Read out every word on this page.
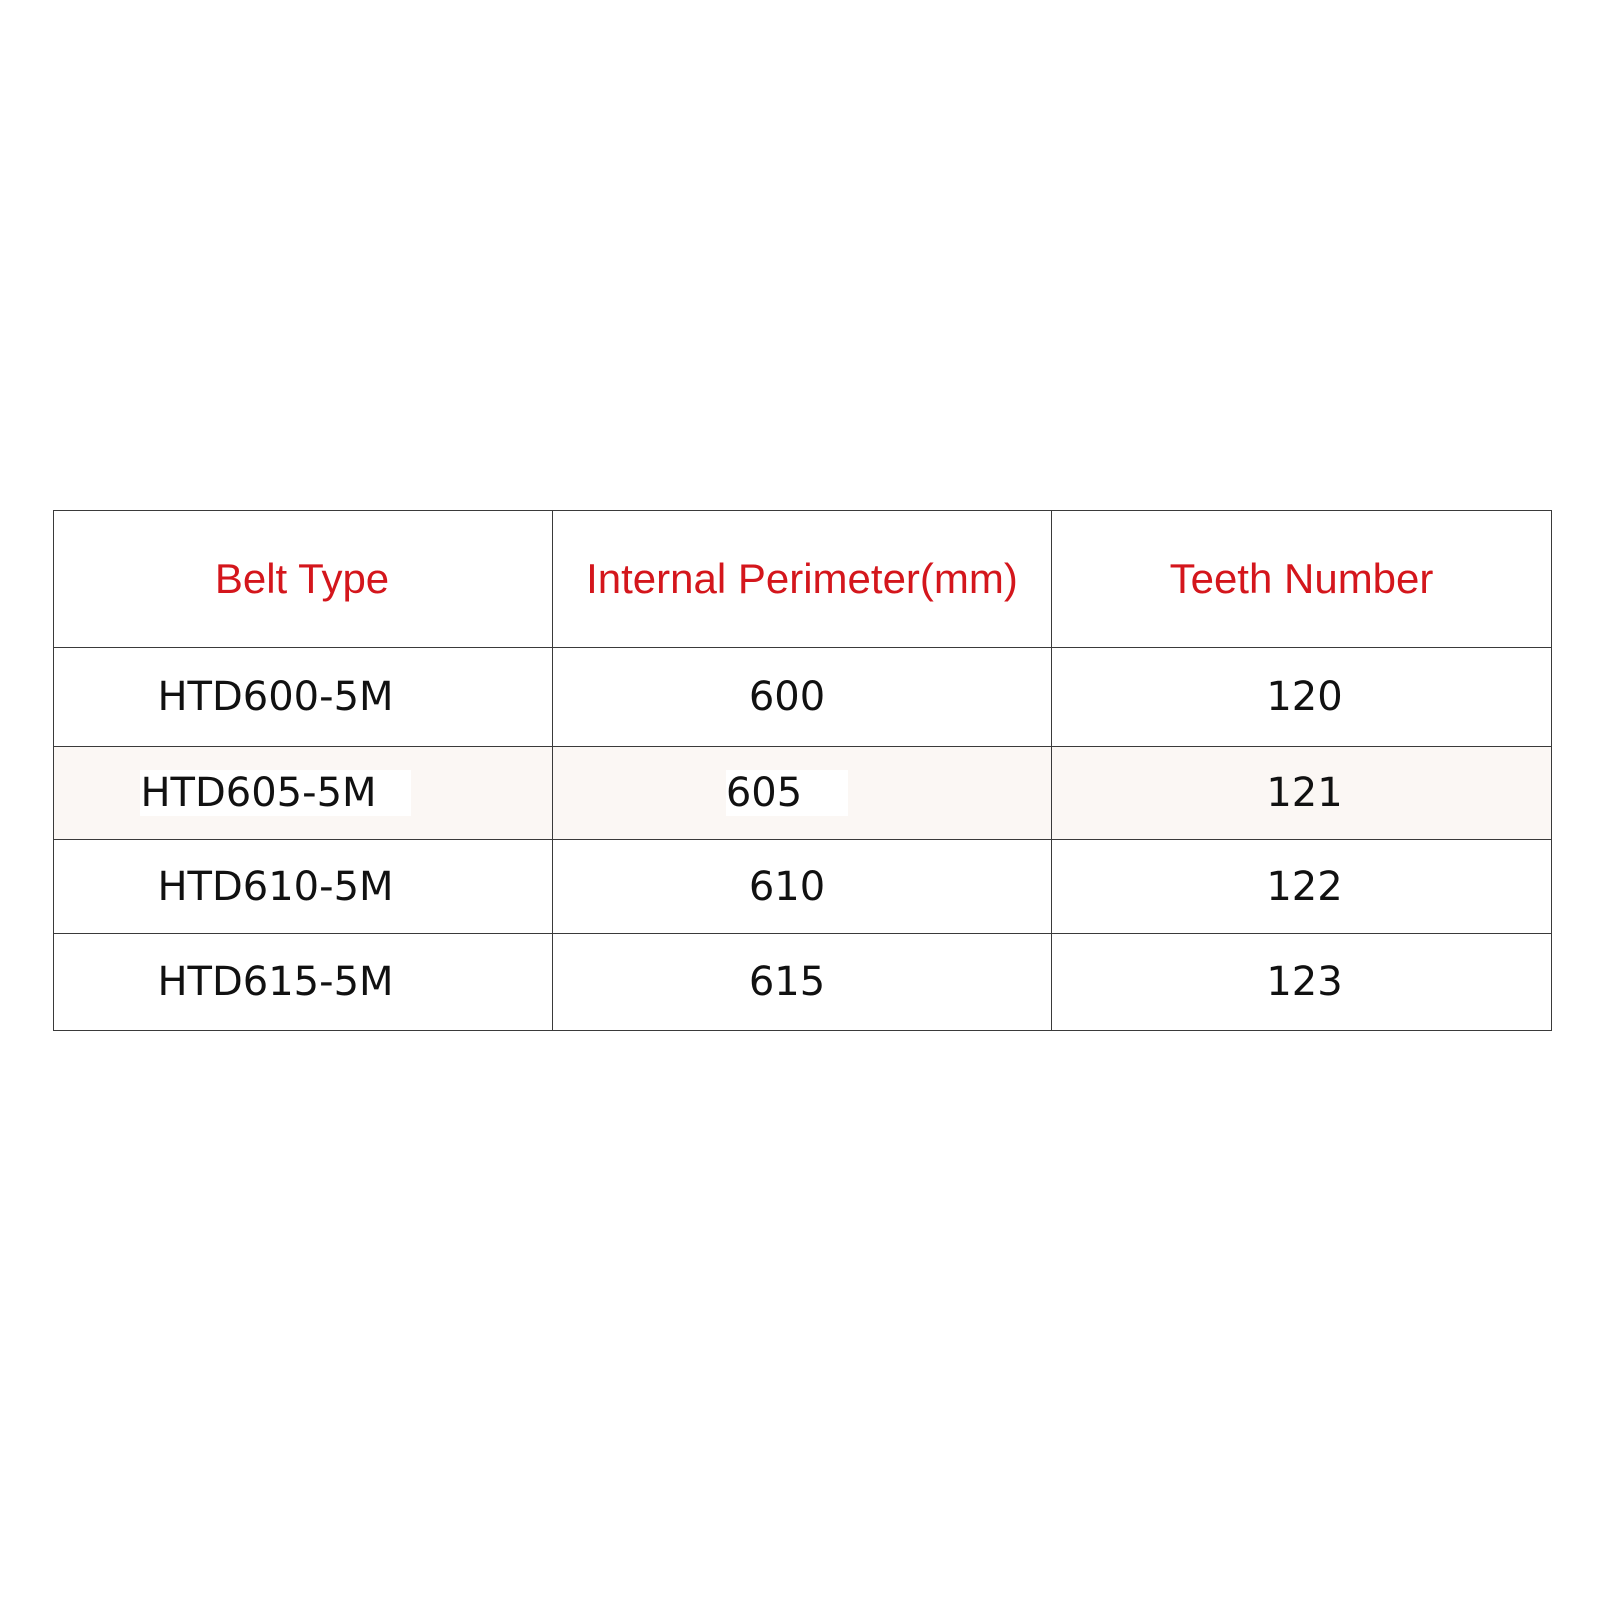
Belt Type	Internal Perimeter(mm)	Teeth Number
HTD600-5M	600	120
HTD605-5M	605	121
HTD610-5M	610	122
HTD615-5M	615	123
